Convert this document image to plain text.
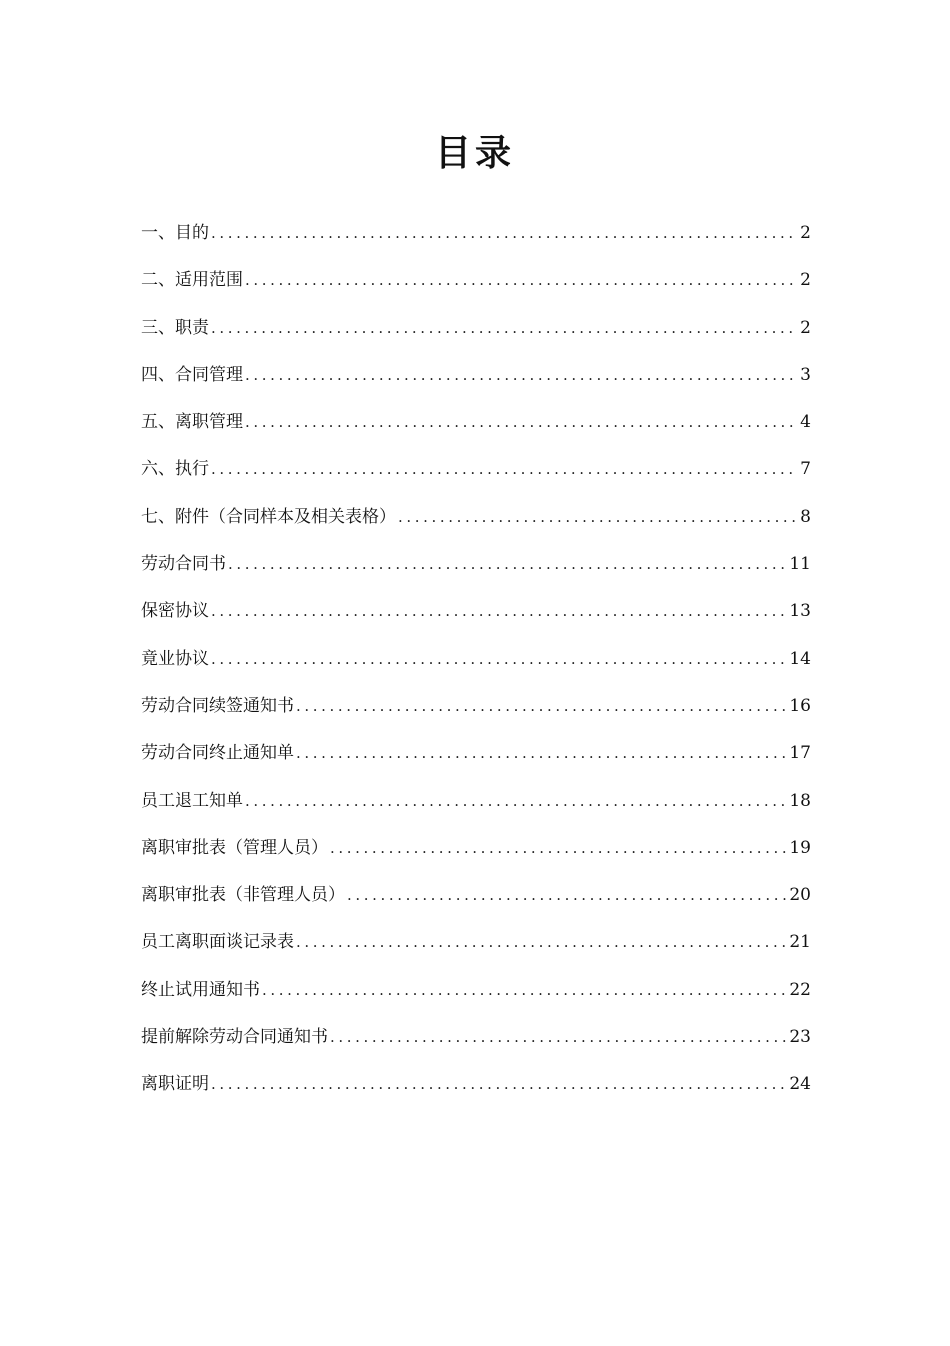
目录
一、目的 .....	2
二、适用范围 .....	2
三、职责 .....	2
四、合同管理 .....	3
五、离职管理 .....	4
六、执行 .....	7
七、附件（合同样本及相关表格） .....	8
劳动合同书 .....	11
保密协议 .....	13
竟业协议 .....	14
劳动合同续签通知书 .....	16
劳动合同终止通知单 .....	17
员工退工知单 .....	18
离职审批表（管理人员） .....	19
离职审批表（非管理人员） .....	20
员工离职面谈记录表 .....	21
终止试用通知书 .....	22
提前解除劳动合同通知书 .....	23
离职证明 .....	24
